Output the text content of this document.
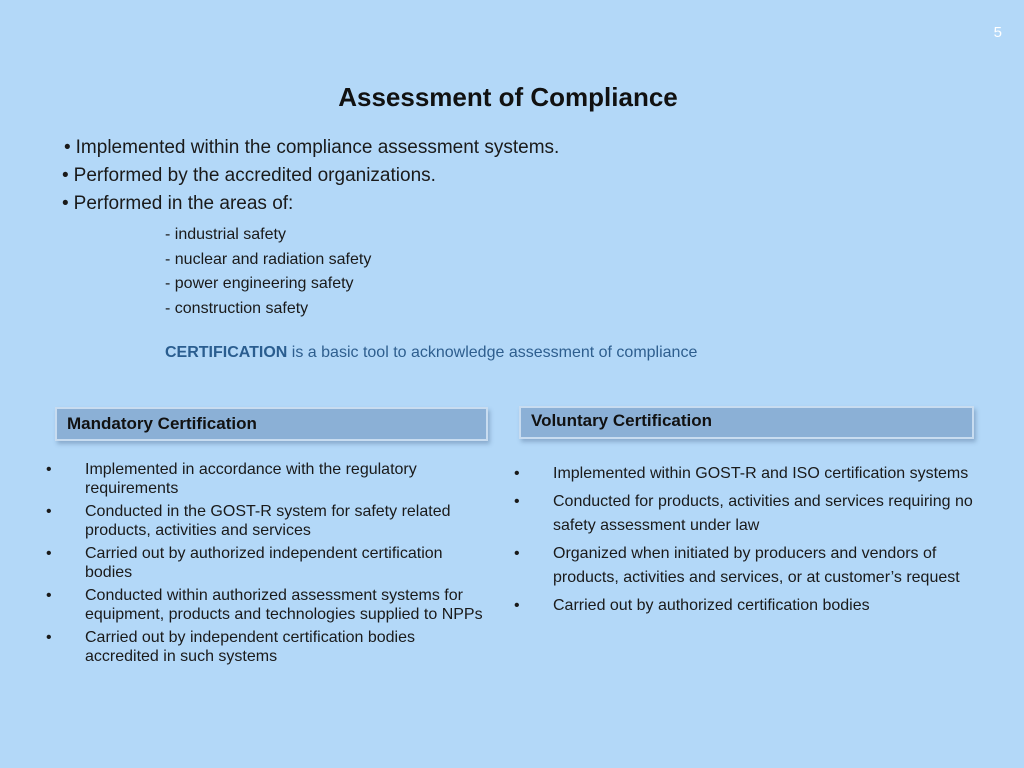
5
Assessment of Compliance
• Implemented within the compliance assessment systems.
• Performed by the accredited organizations.
• Performed in the areas of:
- industrial safety
- nuclear and radiation safety
- power engineering safety
- construction safety
CERTIFICATION is a basic tool to acknowledge assessment of compliance
Mandatory Certification	Voluntary Certification
• Implemented in accordance with the regulatory requirements
• Conducted in the GOST-R system for safety related products, activities and services
• Carried out by authorized independent certification bodies
• Conducted within authorized assessment systems for equipment, products and technologies supplied to NPPs
• Carried out by independent certification bodies accredited in such systems
• Implemented within GOST-R and ISO certification systems
• Conducted for products, activities and services requiring no safety assessment under law
• Organized when initiated by producers and vendors of products, activities and services, or at customer’s request
• Carried out by authorized certification bodies
